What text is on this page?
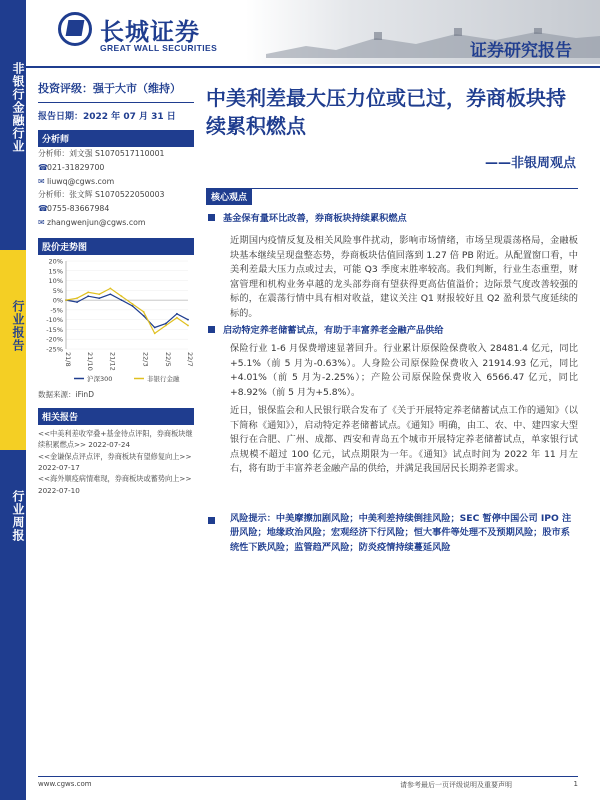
非银行金融行业
行业报告
行业周报
长城证券
GREAT WALL SECURITIES	证券研究报告
投资评级：强于大市（维持）
报告日期：2022 年 07 月 31 日
分析师
分析师：刘文强 S1070517110001
☎021-31829700
✉ liuwq@cgws.com
分析师：张文辉 S1070522050003
☎0755-83667984
✉ zhangwenjun@cgws.com
股价走势图
20%
15%
10%
5%
0%
-5%
-10%
-15%
-20%
-25%
21/8 21/10 21/12	22/3 22/5 22/7
沪深300	非银行金融
数据来源：iFinD
相关报告
<<中美利差收窄叠+基金待点评阳，券商板块继续积累燃点>> 2022-07-24
<<金谦保点评点评，券商板块有望修复向上>> 2022-07-17
<<海外顺疫病情难现，券商板块或蓄势向上>> 2022-07-10
中美利差最大压力位或已过，券商板块持续累积燃点
——非银周观点
核心观点
基金保有量环比改善，券商板块持续累积燃点
近期国内疫情反复及相关风险事件扰动，影响市场情绪，市场呈现震荡格局，金融板块基本继续呈现盘整态势，券商板块估值回落到 1.27 倍 PB 附近。从配置窗口看，中美利差最大压力点或过去，可能 Q3 季度末胜率较高。我们判断，行业生态重塑，财富管理和机构业务卓越的龙头部券商有望获得更高估值溢价；边际景气度改善较强的标的，在震荡行情中具有相对收益，建议关注 Q1 财报较好且 Q2 盈利景气度延续的标的。
启动特定养老储蓄试点，有助于丰富养老金融产品供给
保险行业 1-6 月保费增速显著回升。行业累计原保险保费收入 28481.4 亿元，同比+5.1%（前 5 月为-0.63%）。人身险公司原保险保费收入 21914.93 亿元，同比+4.01%（前 5 月为-2.25%）；产险公司原保险保费收入 6566.47 亿元，同比+8.92%（前 5 月为+5.8%）。
近日，银保监会和人民银行联合发布了《关于开展特定养老储蓄试点工作的通知》（以下简称《通知》），启动特定养老储蓄试点。《通知》明确，由工、农、中、建四家大型银行在合肥、广州、成都、西安和青岛五个城市开展特定养老储蓄试点，单家银行试点规模不超过 100 亿元，试点期限为一年。《通知》试点时间为 2022 年 11 月左右，将有助于丰富养老金融产品的供给，并满足我国居民长期养老需求。
风险提示：中美摩擦加剧风险；中美利差持续倒挂风险；SEC 暂停中国公司 IPO 注册风险；地缘政治风险；宏观经济下行风险；恒大事件等处理不及预期风险；股市系统性下跌风险；监管趋严风险；防炎疫情持续蔓延风险
www.cgws.com	请参考最后一页评级说明及重要声明	1
